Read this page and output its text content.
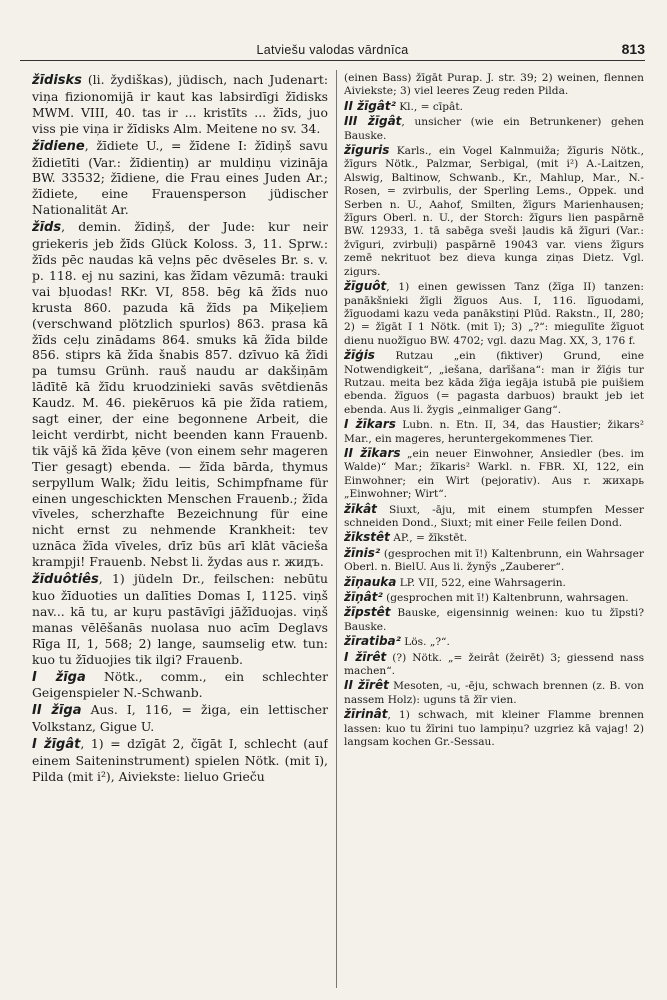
Latviešu valodas vārdnīca	813

žīdisks (li. žydiškas), jüdisch, nach Judenart: viņa fizionomijā ir kaut kas labsirdīgi žīdisks MWM. VIII, 40. tas ir ... kristīts ... žīds, juo viss pie viņa ir žīdisks Alm. Meitene no sv. 34.

žīdiene, žīdiete U., = žīdene I: žīdiņš savu žīdietīti (Var.: žīdientiņ) ar muldiņu vizināja BW. 33532; žīdiene, die Frau eines Juden Ar.; žīdiete, eine Frauensperson jüdischer Nationalität Ar.

žīds, demin. žīdiņš, der Jude: kur neir griekeris jeb žīds Glück Koloss. 3, 11. Sprw.: žīds pēc naudas kā veļns pēc dvēseles Br. s. v. p. 118. ej nu sazini, kas žīdam vēzumā: trauki vai bļuodas! RKr. VI, 858. bēg kā žīds nuo krusta 860. pazuda kā žīds pa Miķeļiem (verschwand plötzlich spurlos) 863. prasa kā žīds ceļu zinādams 864. smuks kā žīda bilde 856. stiprs kā žīda šnabis 857. dzīvuo kā žīdi pa tumsu Grünh. rauš naudu ar dakšiņām lādītē kā žīdu kruodzinieki savās svētdienās Kaudz. M. 46. piekēruos kā pie žīda ratiem, sagt einer, der eine begonnene Arbeit, die leicht verdirbt, nicht beenden kann Frauenb. tik vājš kā žīda ķēve (von einem sehr mageren Tier gesagt) ebenda. — žīda bārda, thymus serpyllum Walk; žīdu leitis, Schimpfname für einen ungeschickten Menschen Frauenb.; žīda vīveles, scherzhafte Bezeichnung für eine nicht ernst zu nehmende Krankheit: tev uznāca žīda vīveles, drīz būs arī klāt vāciešа krampji! Frauenb. Nebst li. žydas aus r. жидъ.

žīduôtiês, 1) jüdeln Dr., feilschen: nebūtu kuo žīduoties un dalīties Domas I, 1125. viņš nav... kā tu, ar kuŗu pastāvīgi jāžīduojas. viņš manas vēlēšanās nuolasa nuo acīm Deglavs Rīga II, 1, 568; 2) lange, saumselig etw. tun: kuo tu žīduojies tik ilgi? Frauenb.

I žīga Nötk., comm., ein schlechter Geigenspieler N.-Schwanb.

II žīga Aus. I, 116, = žiga, ein lettischer Volkstanz, Gigue U.

I žīgât, 1) = dzīgāt 2, čīgāt I, schlecht (auf einem Saiteninstrument) spielen Nötk. (mit ī), Pilda (mit i²), Aiviekste: lieluo Grieču

(einen Bass) žīgāt Purap. J. str. 39; 2) weinen, flennen Aiviekste; 3) viel leeres Zeug reden Pilda.

II žīgât² Kl., = cīpât.

III žīgât, unsicher (wie ein Betrunkener) gehen Bauske.

žīguris Karls., ein Vogel Kalnmuiža; žīguris Nötk., žīgurs Nötk., Palzmar, Serbigal, (mit i²) A.-Laitzen, Alswig, Baltinow, Schwanb., Kr., Mahlup, Mar., N.-Rosen, = zvirbulis, der Sperling Lems., Oppek. und Serben n. U., Aahof, Smilten, žīgurs Marienhausen; žīgurs Oberl. n. U., der Storch: žīgurs lien paspārnē BW. 12933, 1. tā sabēga sveši ļaudis kā žīguri (Var.: žvīguri, zvirbuļi) paspārnē 19043 var. viens žīgurs zemē nekrituot bez dieva kunga ziņas Dietz. Vgl. zigurs.

žīguôt, 1) einen gewissen Tanz (žīga II) tanzen: panākšnieki žīgli žīguos Aus. I, 116. līguodami, žīguodami kazu veda panākstiņi Plūd. Rakstn., II, 280; 2) = žīgāt I 1 Nötk. (mit ī); 3) „?“: miegulīte žīguot dienu nuožīguo BW. 4702; vgl. dazu Mag. XX, 3, 176 f.

žīģis Rutzau „ein (fiktiver) Grund, eine Notwendigkeit“, „iešana, darīšana“: man ir žīģis tur Rutzau. meita bez kāda žīģa iegāja istubā pie puišiem ebenda. žīguos (= pagasta darbuos) braukt jeb iet ebenda. Aus li. žygis „einmaliger Gang“.

I žīkars Lubn. n. Etn. II, 34, das Haustier; žikars² Mar., ein mageres, heruntergekommenes Tier.

II žīkars „ein neuer Einwohner, Ansiedler (bes. im Walde)“ Mar.; žīkaris² Warkl. n. FBR. XI, 122, ein Einwohner; ein Wirt (pejorativ). Aus r. жихарь „Einwohner; Wirt“.

žīkât Siuxt, -āju, mit einem stumpfen Messer schneiden Dond., Siuxt; mit einer Feile feilen Dond.

žīkstêt AP., = žīkstēt.

žīnis² (gesprochen mit ī!) Kaltenbrunn, ein Wahrsager Oberl. n. BielU. Aus li. žynỹs „Zauberer“.

žīņauka LP. VII, 522, eine Wahrsagerin.

žīņât² (gesprochen mit ī!) Kaltenbrunn, wahrsagen.

žīpstêt Bauske, eigensinnig weinen: kuo tu žīpsti? Bauske.

žīratiba² Lös. „?“.

I žīrêt (?) Nötk. „= žeirât (žeirēt) 3; giessend nass machen“.

II žīrêt Mesoten, -u, -ēju, schwach brennen (z. B. von nassem Holz): uguns tā žīr vien.

žīrinât, 1) schwach, mit kleiner Flamme brennen lassen: kuo tu žīrini tuo lampiņu? uzgriez kā vajag! 2) langsam kochen Gr.-Sessau.
